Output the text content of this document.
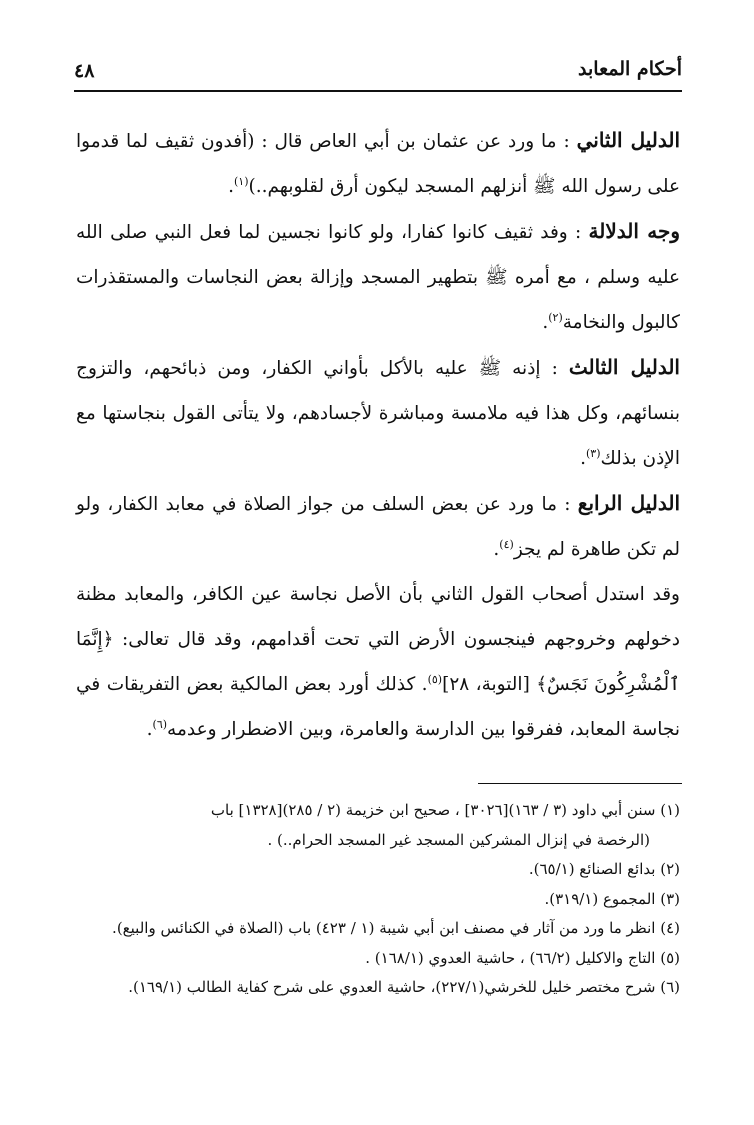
أحكام المعابد
٤٨

الدليل الثاني : ما ورد عن عثمان بن أبي العاص قال : (أفدون ثقيف لما قدموا على رسول الله ﷺ أنزلهم المسجد ليكون أرق لقلوبهم..)$^{(١)}$.

وجه الدلالة : وفد ثقيف كانوا كفارا، ولو كانوا نجسين لما فعل النبي صلى الله عليه وسلم ، مع أمره ﷺ بتطهير المسجد وإزالة بعض النجاسات والمستقذرات كالبول والنخامة$^{(٢)}$.

الدليل الثالث : إذنه ﷺ عليه بالأكل بأواني الكفار، ومن ذبائحهم، والتزوج بنسائهم، وكل هذا فيه ملامسة ومباشرة لأجسادهم، ولا يتأتى القول بنجاستها مع الإذن بذلك$^{(٣)}$.

الدليل الرابع : ما ورد عن بعض السلف من جواز الصلاة في معابد الكفار، ولو لم تكن طاهرة لم يجز$^{(٤)}$.

وقد استدل أصحاب القول الثاني بأن الأصل نجاسة عين الكافر، والمعابد مظنة دخولهم وخروجهم فينجسون الأرض التي تحت أقدامهم، وقد قال تعالى: ﴿إِنَّمَا ٱلْمُشْرِكُونَ نَجَسٌ﴾ [التوبة، ٢٨]$^{(٥)}$. كذلك أورد بعض المالكية بعض التفريقات في نجاسة المعابد، ففرقوا بين الدارسة والعامرة، وبين الاضطرار وعدمه$^{(٦)}$.

(١) سنن أبي داود (٣ / ١٦٣)[٣٠٢٦] ، صحيح ابن خزيمة (٢ / ٢٨٥)[١٣٢٨] باب

(الرخصة في إنزال المشركين المسجد غير المسجد الحرام..) .

(٢) بدائع الصنائع (٦٥/١).

(٣) المجموع (٣١٩/١).

(٤) انظر ما ورد من آثار في مصنف ابن أبي شيبة (١ / ٤٢٣) باب (الصلاة في الكنائس والبيع).

(٥) التاج والاكليل (٦٦/٢) ، حاشية العدوي (١٦٨/١) .

(٦) شرح مختصر خليل للخرشي(٢٢٧/١)، حاشية العدوي على شرح كفاية الطالب (١٦٩/١).
